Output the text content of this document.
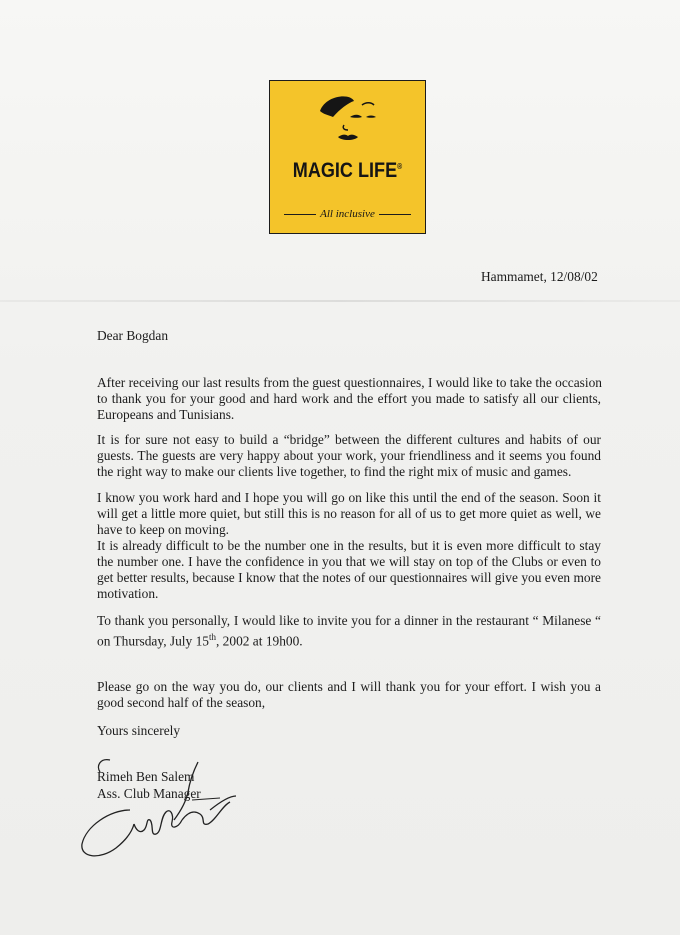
MAGIC LIFE®
All inclusive
Hammamet, 12/08/02
Dear Bogdan
After receiving our last results from the guest questionnaires, I would like to take the occasion
to thank you for your good and hard work and the effort you made to satisfy all our clients,
Europeans and Tunisians.
It is for sure not easy to build a “bridge” between the different cultures and habits of our
guests. The guests are very happy about your work, your friendliness and it seems you found
the right way to make our clients live together, to find the right mix of music and games.
I know you work hard and I hope you will go on like this until the end of the season. Soon it
will get a little more quiet, but still this is no reason for all of us to get more quiet as well, we
have to keep on moving.
It is already difficult to be the number one in the results, but it is even more difficult to stay
the number one. I have the confidence in you that we will stay on top of the Clubs or even to
get better results, because I know that the notes of our questionnaires will give you even more
motivation.
To thank you personally, I would like to invite you for a dinner in the restaurant “ Milanese “
on Thursday, July 15th, 2002 at 19h00.
Please go on the way you do, our clients and I will thank you for your effort. I wish you a
good second half of the season,
Yours sincerely
Rimeh Ben Salem
Ass. Club Manager
